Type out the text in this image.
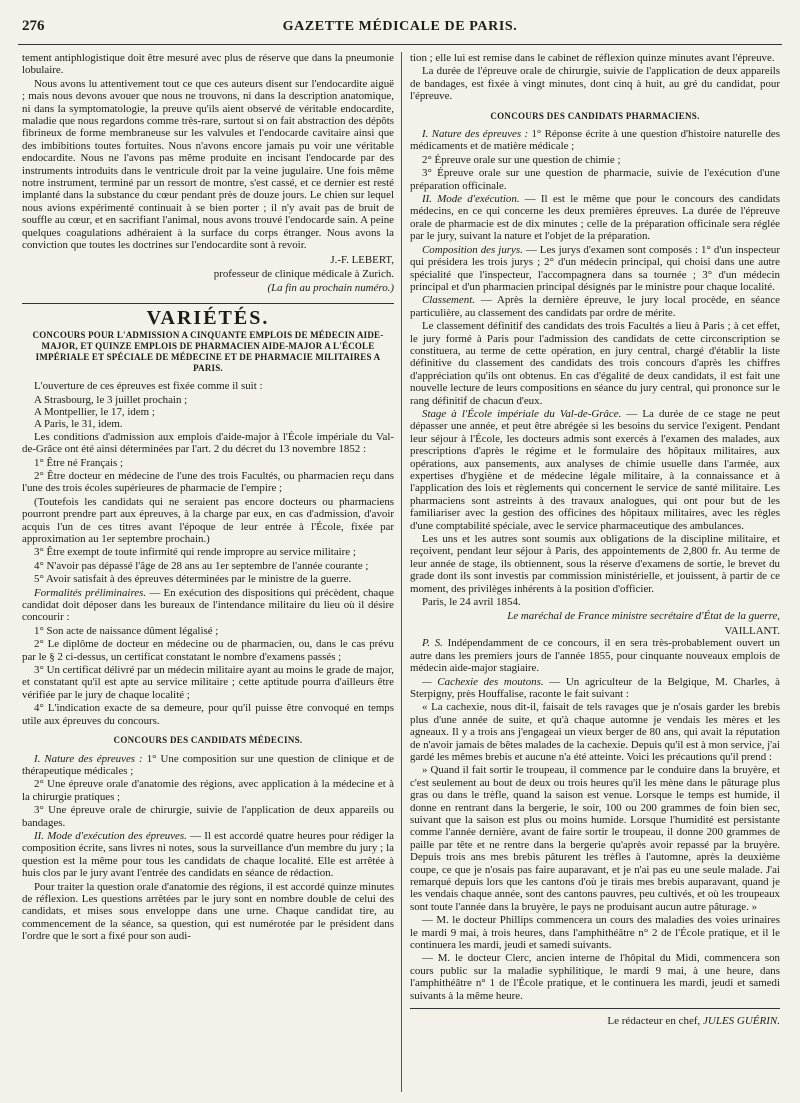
276	GAZETTE MÉDICALE DE PARIS.

tement antiphlogistique doit être mesuré avec plus de réserve que dans la pneumonie lobulaire.

Nous avons lu attentivement tout ce que ces auteurs disent sur l'endocardite aiguë ; mais nous devons avouer que nous ne trouvons, ni dans la description anatomique, ni dans la symptomatologie, la preuve qu'ils aient observé de véritable endocardite, maladie que nous regardons comme très-rare, surtout si on fait abstraction des dépôts fibrineux de forme membraneuse sur les valvules et l'endocarde cavitaire ainsi que des imbibitions toutes fortuites. Nous n'avons encore jamais pu voir une véritable endocardite. Nous ne l'avons pas même produite en incisant l'endocarde par des instruments introduits dans le ventricule droit par la veine jugulaire. Une fois même notre instrument, terminé par un ressort de montre, s'est cassé, et ce dernier est resté implanté dans la substance du cœur pendant près de douze jours. Le chien sur lequel nous avions expérimenté continuait à se bien porter ; il n'y avait pas de bruit de souffle au cœur, et en sacrifiant l'animal, nous avons trouvé l'endocarde sain. A peine quelques coagulations adhéraient à la surface du corps étranger. Nous avons la conviction que toutes les doctrines sur l'endocardite sont à revoir.

J.-F. LEBERT,

professeur de clinique médicale à Zurich.

(La fin au prochain numéro.)

VARIÉTÉS.
CONCOURS POUR L'ADMISSION A CINQUANTE EMPLOIS DE MÉDECIN AIDE-MAJOR, ET QUINZE EMPLOIS DE PHARMACIEN AIDE-MAJOR A L'ÉCOLE IMPÉRIALE ET SPÉCIALE DE MÉDECINE ET DE PHARMACIE MILITAIRES A PARIS.

L'ouverture de ces épreuves est fixée comme il suit :

A Strasbourg, le 3 juillet prochain ;

A Montpellier, le 17, idem ;

A Paris, le 31, idem.

Les conditions d'admission aux emplois d'aide-major à l'École impériale du Val-de-Grâce ont été ainsi déterminées par l'art. 2 du décret du 13 novembre 1852 :

1° Être né Français ;

2° Être docteur en médecine de l'une des trois Facultés, ou pharmacien reçu dans l'une des trois écoles supérieures de pharmacie de l'empire ;

(Toutefois les candidats qui ne seraient pas encore docteurs ou pharmaciens pourront prendre part aux épreuves, à la charge par eux, en cas d'admission, d'avoir acquis l'un de ces titres avant l'époque de leur entrée à l'École, fixée par approximation au 1er septembre prochain.)

3° Être exempt de toute infirmité qui rende impropre au service militaire ;

4° N'avoir pas dépassé l'âge de 28 ans au 1er septembre de l'année courante ;

5° Avoir satisfait à des épreuves déterminées par le ministre de la guerre.

Formalités préliminaires. — En exécution des dispositions qui précèdent, chaque candidat doit déposer dans les bureaux de l'intendance militaire du lieu où il désire concourir :

1° Son acte de naissance dûment légalisé ;

2° Le diplôme de docteur en médecine ou de pharmacien, ou, dans le cas prévu par le § 2 ci-dessus, un certificat constatant le nombre d'examens passés ;

3° Un certificat délivré par un médecin militaire ayant au moins le grade de major, et constatant qu'il est apte au service militaire ; cette aptitude pourra d'ailleurs être vérifiée par le jury de chaque localité ;

4° L'indication exacte de sa demeure, pour qu'il puisse être convoqué en temps utile aux épreuves du concours.

CONCOURS DES CANDIDATS MÉDECINS.

I. Nature des épreuves : 1° Une composition sur une question de clinique et de thérapeutique médicales ;

2° Une épreuve orale d'anatomie des régions, avec application à la médecine et à la chirurgie pratiques ;

3° Une épreuve orale de chirurgie, suivie de l'application de deux appareils ou bandages.

II. Mode d'exécution des épreuves. — Il est accordé quatre heures pour rédiger la composition écrite, sans livres ni notes, sous la surveillance d'un membre du jury ; la question est la même pour tous les candidats de chaque localité. Elle est arrêtée à huis clos par le jury avant l'entrée des candidats en séance de rédaction.

Pour traiter la question orale d'anatomie des régions, il est accordé quinze minutes de réflexion. Les questions arrêtées par le jury sont en nombre double de celui des candidats, et mises sous enveloppe dans une urne. Chaque candidat tire, au commencement de la séance, sa question, qui est numérotée par le président dans l'ordre que le sort a fixé pour son audi-

tion ; elle lui est remise dans le cabinet de réflexion quinze minutes avant l'épreuve.

La durée de l'épreuve orale de chirurgie, suivie de l'application de deux appareils de bandages, est fixée à vingt minutes, dont cinq à huit, au gré du candidat, pour l'épreuve.

CONCOURS DES CANDIDATS PHARMACIENS.

I. Nature des épreuves : 1° Réponse écrite à une question d'histoire naturelle des médicaments et de matière médicale ;

2° Épreuve orale sur une question de chimie ;

3° Épreuve orale sur une question de pharmacie, suivie de l'exécution d'une préparation officinale.

II. Mode d'exécution. — Il est le même que pour le concours des candidats médecins, en ce qui concerne les deux premières épreuves. La durée de l'épreuve orale de pharmacie est de dix minutes ; celle de la préparation officinale sera réglée par le jury, suivant la nature et l'objet de la préparation.

Composition des jurys. — Les jurys d'examen sont composés : 1° d'un inspecteur qui présidera les trois jurys ; 2° d'un médecin principal, qui choisi dans une autre spécialité que l'inspecteur, l'accompagnera dans sa tournée ; 3° d'un médecin principal et d'un pharmacien principal désignés par le ministre pour chaque localité.

Classement. — Après la dernière épreuve, le jury local procède, en séance particulière, au classement des candidats par ordre de mérite.

Le classement définitif des candidats des trois Facultés a lieu à Paris ; à cet effet, le jury formé à Paris pour l'admission des candidats de cette circonscription se constituera, au terme de cette opération, en jury central, chargé d'établir la liste définitive du classement des candidats des trois concours d'après les chiffres d'appréciation qu'ils ont obtenus. En cas d'égalité de deux candidats, il est fait une nouvelle lecture de leurs compositions en séance du jury central, qui prononce sur le rang définitif de chacun d'eux.

Stage à l'École impériale du Val-de-Grâce. — La durée de ce stage ne peut dépasser une année, et peut être abrégée si les besoins du service l'exigent. Pendant leur séjour à l'École, les docteurs admis sont exercés à l'examen des malades, aux prescriptions d'après le régime et le formulaire des hôpitaux militaires, aux opérations, aux pansements, aux analyses de chimie usuelle dans l'armée, aux expertises d'hygiène et de médecine légale militaire, à la connaissance et à l'application des lois et règlements qui concernent le service de santé militaire. Les pharmaciens sont astreints à des travaux analogues, qui ont pour but de les familiariser avec la gestion des officines des hôpitaux militaires, avec les règles d'une comptabilité spéciale, avec le service pharmaceutique des ambulances.

Les uns et les autres sont soumis aux obligations de la discipline militaire, et reçoivent, pendant leur séjour à Paris, des appointements de 2,800 fr. Au terme de leur année de stage, ils obtiennent, sous la réserve d'examens de sortie, le brevet du grade dont ils sont investis par commission ministérielle, et jouissent, à partir de ce moment, des privilèges inhérents à la position d'officier.

Paris, le 24 avril 1854.

Le maréchal de France ministre secrétaire d'État de la guerre,

VAILLANT.

P. S. Indépendamment de ce concours, il en sera très-probablement ouvert un autre dans les premiers jours de l'année 1855, pour cinquante nouveaux emplois de médecin aide-major stagiaire.

— Cachexie des moutons. — Un agriculteur de la Belgique, M. Charles, à Sterpigny, près Houffalise, raconte le fait suivant :

« La cachexie, nous dit-il, faisait de tels ravages que je n'osais garder les brebis plus d'une année de suite, et qu'à chaque automne je vendais les mères et les agneaux. Il y a trois ans j'engageai un vieux berger de 80 ans, qui avait la réputation de n'avoir jamais de bêtes malades de la cachexie. Depuis qu'il est à mon service, j'ai gardé les mêmes brebis et aucune n'a été atteinte. Voici les précautions qu'il prend :

» Quand il fait sortir le troupeau, il commence par le conduire dans la bruyère, et c'est seulement au bout de deux ou trois heures qu'il les mène dans le pâturage plus gras ou dans le trèfle, quand la saison est venue. Lorsque le temps est humide, il donne en rentrant dans la bergerie, le soir, 100 ou 200 grammes de foin bien sec, suivant que la saison est plus ou moins humide. Lorsque l'humidité est persistante comme l'année dernière, avant de faire sortir le troupeau, il donne 200 grammes de paille par tête et ne rentre dans la bergerie qu'après avoir repassé par la bruyère. Depuis trois ans mes brebis pâturent les trèfles à l'automne, après la deuxième coupe, ce que je n'osais pas faire auparavant, et je n'ai pas eu une seule malade. J'ai remarqué depuis lors que les cantons d'où je tirais mes brebis auparavant, quand je les vendais chaque année, sont des cantons pauvres, peu cultivés, et où les troupeaux sont toute l'année dans la bruyère, le pays ne produisant aucun autre pâturage. »

— M. le docteur Phillips commencera un cours des maladies des voies urinaires le mardi 9 mai, à trois heures, dans l'amphithéâtre n° 2 de l'École pratique, et il le continuera les mardi, jeudi et samedi suivants.

— M. le docteur Clerc, ancien interne de l'hôpital du Midi, commencera son cours public sur la maladie syphilitique, le mardi 9 mai, à une heure, dans l'amphithéâtre n° 1 de l'École pratique, et le continuera les mardi, jeudi et samedi suivants à la même heure.

Le rédacteur en chef, JULES GUÉRIN.
